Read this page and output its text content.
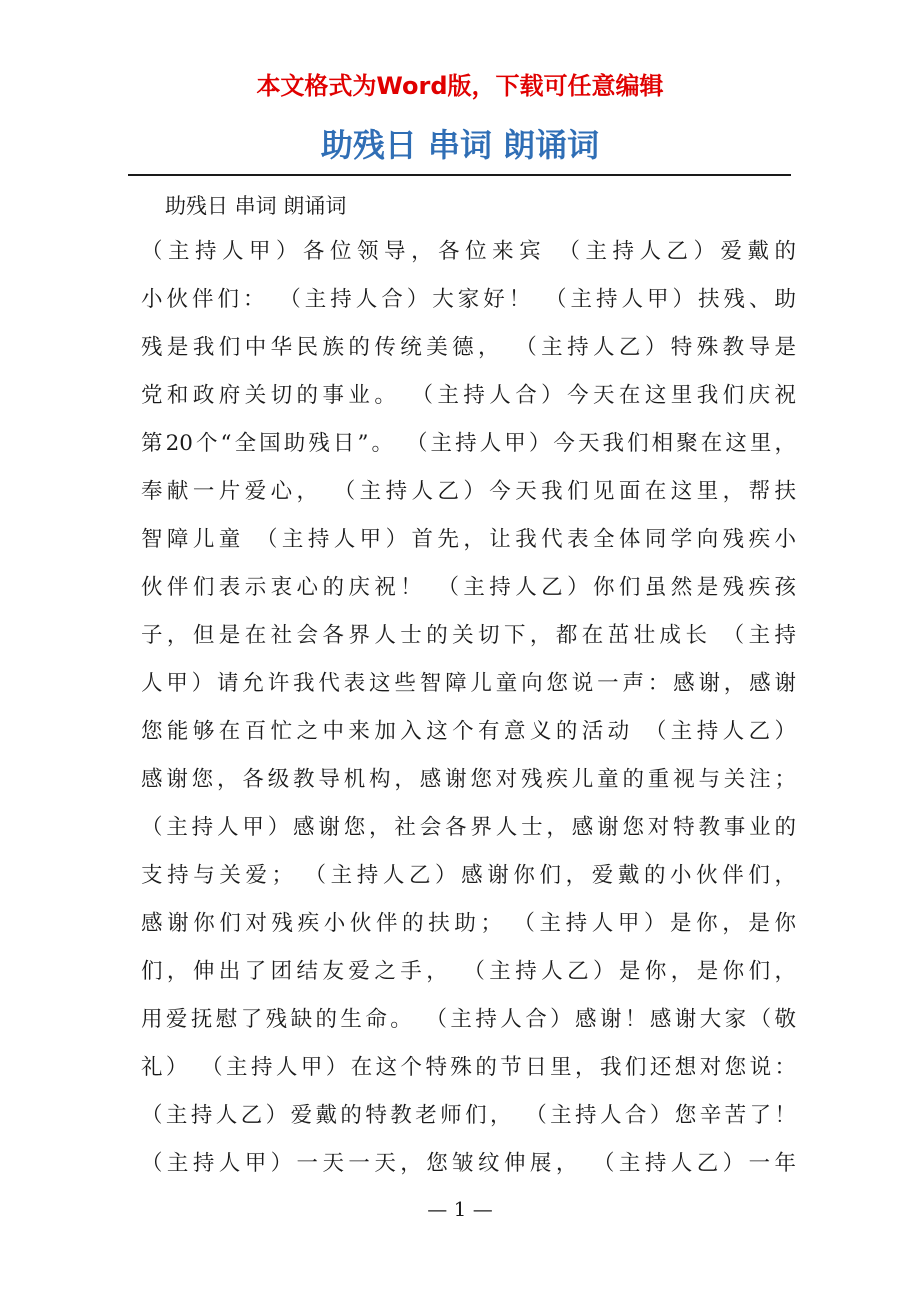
本文格式为Word版，下载可任意编辑
助残日 串词 朗诵词
助残日 串词 朗诵词
（主持人甲）各位领导，各位来宾 （主持人乙）爱戴的
小伙伴们： （主持人合）大家好！ （主持人甲）扶残、助
残是我们中华民族的传统美德， （主持人乙）特殊教导是
党和政府关切的事业。 （主持人合）今天在这里我们庆祝
第20个“全国助残日”。 （主持人甲）今天我们相聚在这里，
奉献一片爱心， （主持人乙）今天我们见面在这里，帮扶
智障儿童 （主持人甲）首先，让我代表全体同学向残疾小
伙伴们表示衷心的庆祝！ （主持人乙）你们虽然是残疾孩
子，但是在社会各界人士的关切下，都在茁壮成长 （主持
人甲）请允许我代表这些智障儿童向您说一声：感谢，感谢
您能够在百忙之中来加入这个有意义的活动 （主持人乙）
感谢您，各级教导机构，感谢您对残疾儿童的重视与关注；
（主持人甲）感谢您，社会各界人士，感谢您对特教事业的
支持与关爱； （主持人乙）感谢你们，爱戴的小伙伴们，
感谢你们对残疾小伙伴的扶助； （主持人甲）是你，是你
们，伸出了团结友爱之手， （主持人乙）是你，是你们，
用爱抚慰了残缺的生命。 （主持人合）感谢！感谢大家（敬
礼） （主持人甲）在这个特殊的节日里，我们还想对您说：
（主持人乙）爱戴的特教老师们， （主持人合）您辛苦了！
（主持人甲）一天一天，您皱纹伸展， （主持人乙）一年
— 1 —
